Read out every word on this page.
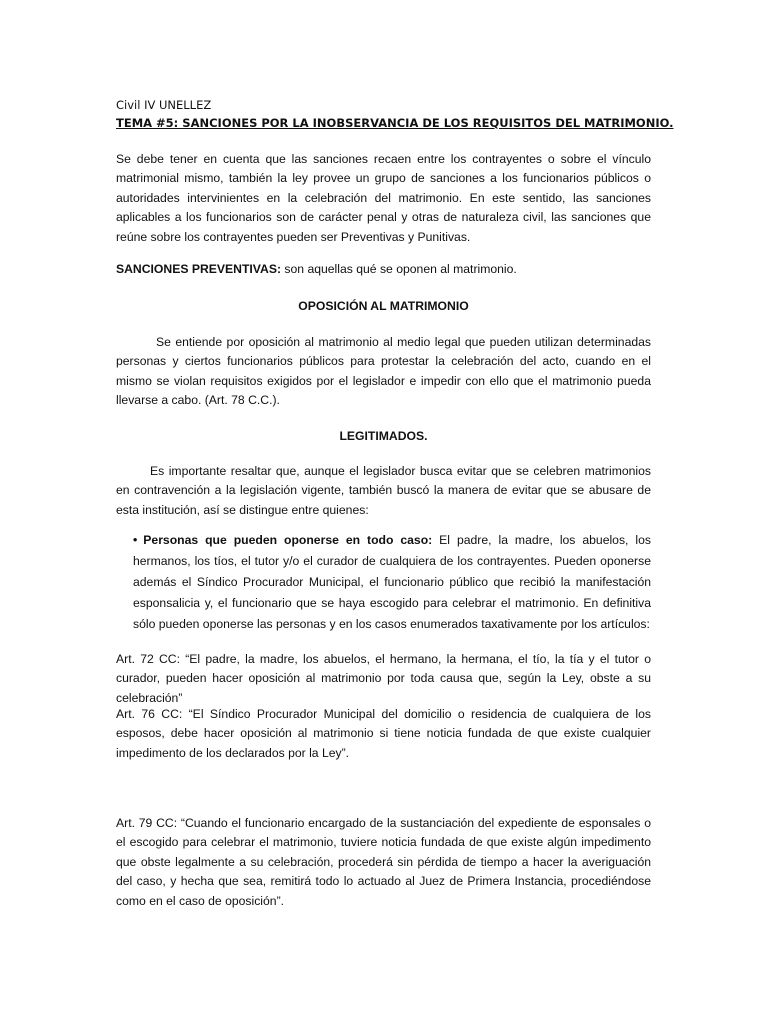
Civil IV UNELLEZ

TEMA #5: SANCIONES POR LA INOBSERVANCIA DE LOS REQUISITOS DEL MATRIMONIO.

Se debe tener en cuenta que las sanciones recaen entre los contrayentes o sobre el vínculo matrimonial mismo, también la ley provee un grupo de sanciones a los funcionarios públicos o autoridades intervinientes en la celebración del matrimonio. En este sentido, las sanciones aplicables a los funcionarios son de carácter penal y otras de naturaleza civil, las sanciones que reúne sobre los contrayentes pueden ser Preventivas y Punitivas.

SANCIONES PREVENTIVAS: son aquellas qué se oponen al matrimonio.

OPOSICIÓN AL MATRIMONIO

Se entiende por oposición al matrimonio al medio legal que pueden utilizan determinadas personas y ciertos funcionarios públicos para protestar la celebración del acto, cuando en el mismo se violan requisitos exigidos por el legislador e impedir con ello que el matrimonio pueda llevarse a cabo. (Art. 78 C.C.).

LEGITIMADOS.

Es importante resaltar que, aunque el legislador busca evitar que se celebren matrimonios en contravención a la legislación vigente, también buscó la manera de evitar que se abusare de esta institución, así se distingue entre quienes:

• Personas que pueden oponerse en todo caso: El padre, la madre, los abuelos, los hermanos, los tíos, el tutor y/o el curador de cualquiera de los contrayentes. Pueden oponerse además el Síndico Procurador Municipal, el funcionario público que recibió la manifestación esponsalicia y, el funcionario que se haya escogido para celebrar el matrimonio. En definitiva sólo pueden oponerse las personas y en los casos enumerados taxativamente por los artículos:

Art. 72 CC: “El padre, la madre, los abuelos, el hermano, la hermana, el tío, la tía y el tutor o curador, pueden hacer oposición al matrimonio por toda causa que, según la Ley, obste a su celebración”

Art. 76 CC: “El Síndico Procurador Municipal del domicilio o residencia de cualquiera de los esposos, debe hacer oposición al matrimonio si tiene noticia fundada de que existe cualquier impedimento de los declarados por la Ley”.

Art. 79 CC: “Cuando el funcionario encargado de la sustanciación del expediente de esponsales o el escogido para celebrar el matrimonio, tuviere noticia fundada de que existe algún impedimento que obste legalmente a su celebración, procederá sin pérdida de tiempo a hacer la averiguación del caso, y hecha que sea, remitirá todo lo actuado al Juez de Primera Instancia, procediéndose como en el caso de oposición”.
